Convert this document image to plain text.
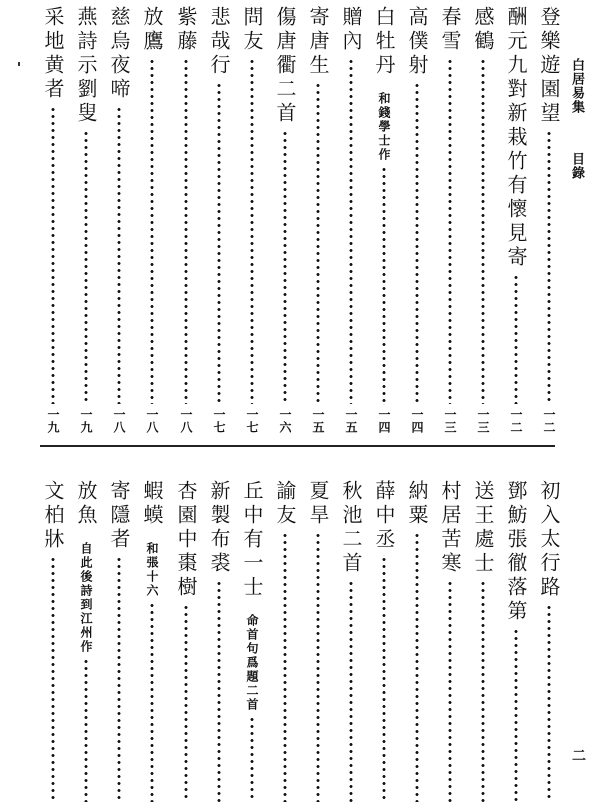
白居易集目錄
登樂遊園望
一二
酬元九對新栽竹有懷見寄
一二
感鶴
一三
春雪
一三
高僕射
一四
白牡丹
和錢學士作
一四
贈內
一五
寄唐生
一五
傷唐衢二首
一六
問友
一七
悲哉行
一七
紫藤
一八
放鷹
一八
慈烏夜啼
一八
燕詩示劉叟
一九
采地黄者
一九
初入太行路
鄧魴張徹落第
送王處士
村居苦寒
納粟
薛中丞
秋池二首
夏旱
諭友
丘中有一士
命首句爲題二首
新製布裘
杏園中棗樹
蝦蟆
和張十六
寄隱者
放魚
自此後詩到江州作
文柏牀
二
